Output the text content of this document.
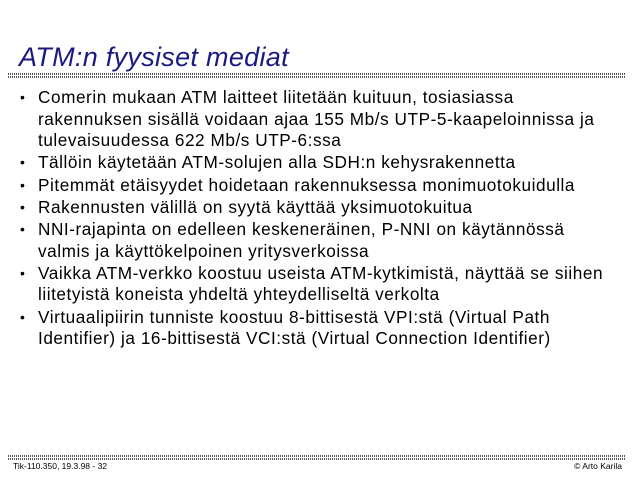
ATM:n fyysiset mediat
• Comerin mukaan ATM laitteet liitetään kuituun, tosiasiassa rakennuksen sisällä voidaan ajaa 155 Mb/s UTP-5-kaapeloinnissa ja tulevaisuudessa 622 Mb/s UTP-6:ssa
• Tällöin käytetään ATM-solujen alla SDH:n kehysrakennetta
• Pitemmät etäisyydet hoidetaan rakennuksessa monimuotokuidulla
• Rakennusten välillä on syytä käyttää yksimuotokuitua
• NNI-rajapinta on edelleen keskeneräinen, P-NNI on käytännössä valmis ja käyttökelpoinen yritysverkoissa
• Vaikka ATM-verkko koostuu useista ATM-kytkimistä, näyttää se siihen liitetyistä koneista yhdeltä yhteydelliseltä verkolta
• Virtuaalipiirin tunniste koostuu 8-bittisestä VPI:stä (Virtual Path Identifier) ja 16-bittisestä VCI:stä (Virtual Connection Identifier)
Tik-110.350, 19.3.98 - 32	© Arto Karila
